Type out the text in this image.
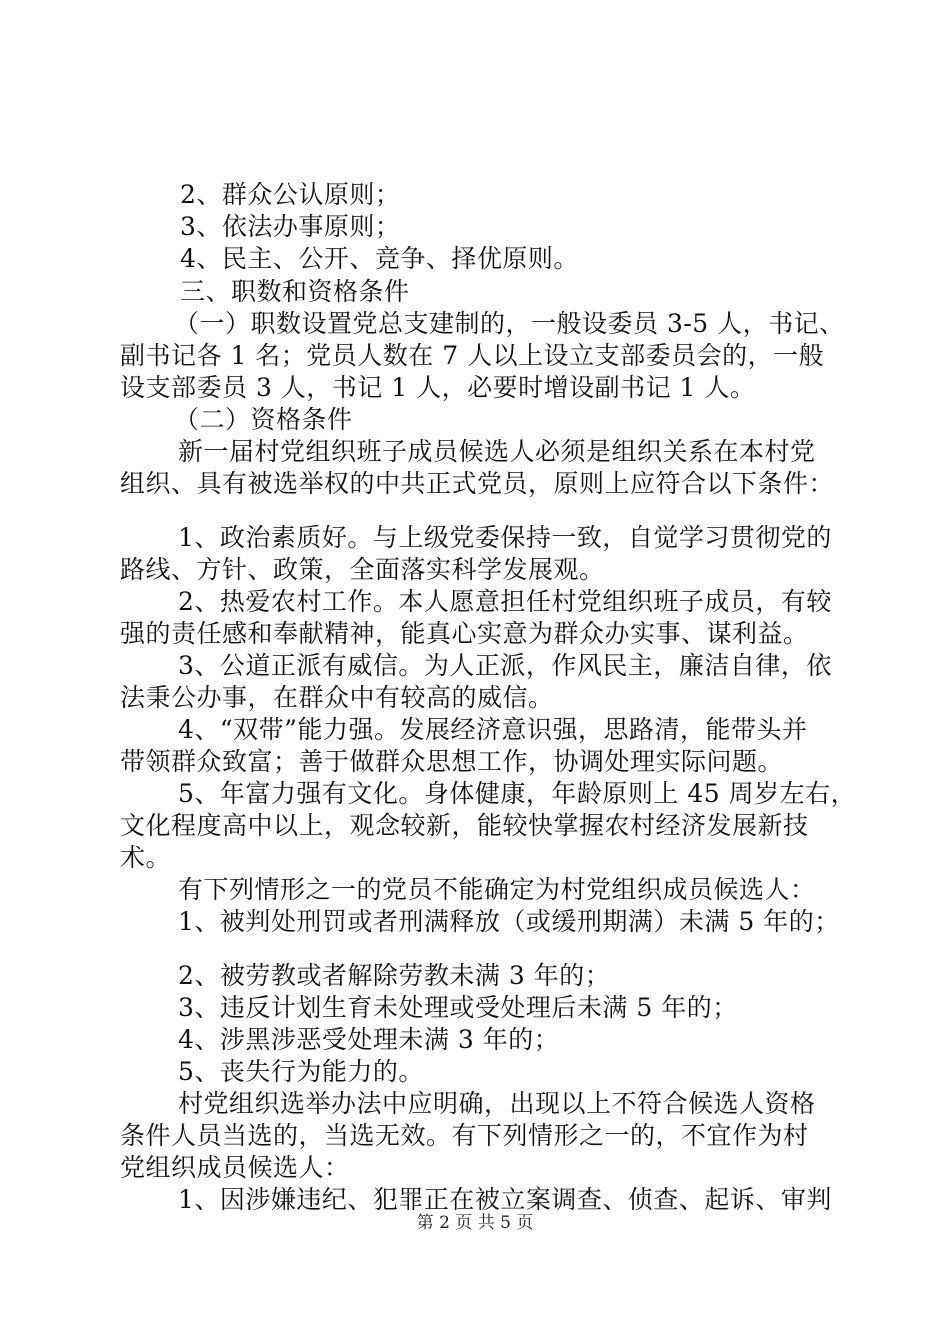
2、群众公认原则；
3、依法办事原则；
4、民主、公开、竞争、择优原则。
三、职数和资格条件
（一）职数设置党总支建制的，一般设委员 3-5 人，书记、
副书记各 1 名；党员人数在 7 人以上设立支部委员会的，一般
设支部委员 3 人，书记 1 人，必要时增设副书记 1 人。
（二）资格条件
新一届村党组织班子成员候选人必须是组织关系在本村党
组织、具有被选举权的中共正式党员，原则上应符合以下条件：
1、政治素质好。与上级党委保持一致，自觉学习贯彻党的
路线、方针、政策，全面落实科学发展观。
2、热爱农村工作。本人愿意担任村党组织班子成员，有较
强的责任感和奉献精神，能真心实意为群众办实事、谋利益。
3、公道正派有威信。为人正派，作风民主，廉洁自律，依
法秉公办事，在群众中有较高的威信。
4、“双带”能力强。发展经济意识强，思路清，能带头并
带领群众致富；善于做群众思想工作，协调处理实际问题。
5、年富力强有文化。身体健康，年龄原则上 45 周岁左右，
文化程度高中以上，观念较新，能较快掌握农村经济发展新技
术。
有下列情形之一的党员不能确定为村党组织成员候选人：
1、被判处刑罚或者刑满释放（或缓刑期满）未满 5 年的；
2、被劳教或者解除劳教未满 3 年的；
3、违反计划生育未处理或受处理后未满 5 年的；
4、涉黑涉恶受处理未满 3 年的；
5、丧失行为能力的。
村党组织选举办法中应明确，出现以上不符合候选人资格
条件人员当选的，当选无效。有下列情形之一的，不宜作为村
党组织成员候选人：
1、因涉嫌违纪、犯罪正在被立案调查、侦查、起诉、审判
第 2 页 共 5 页
